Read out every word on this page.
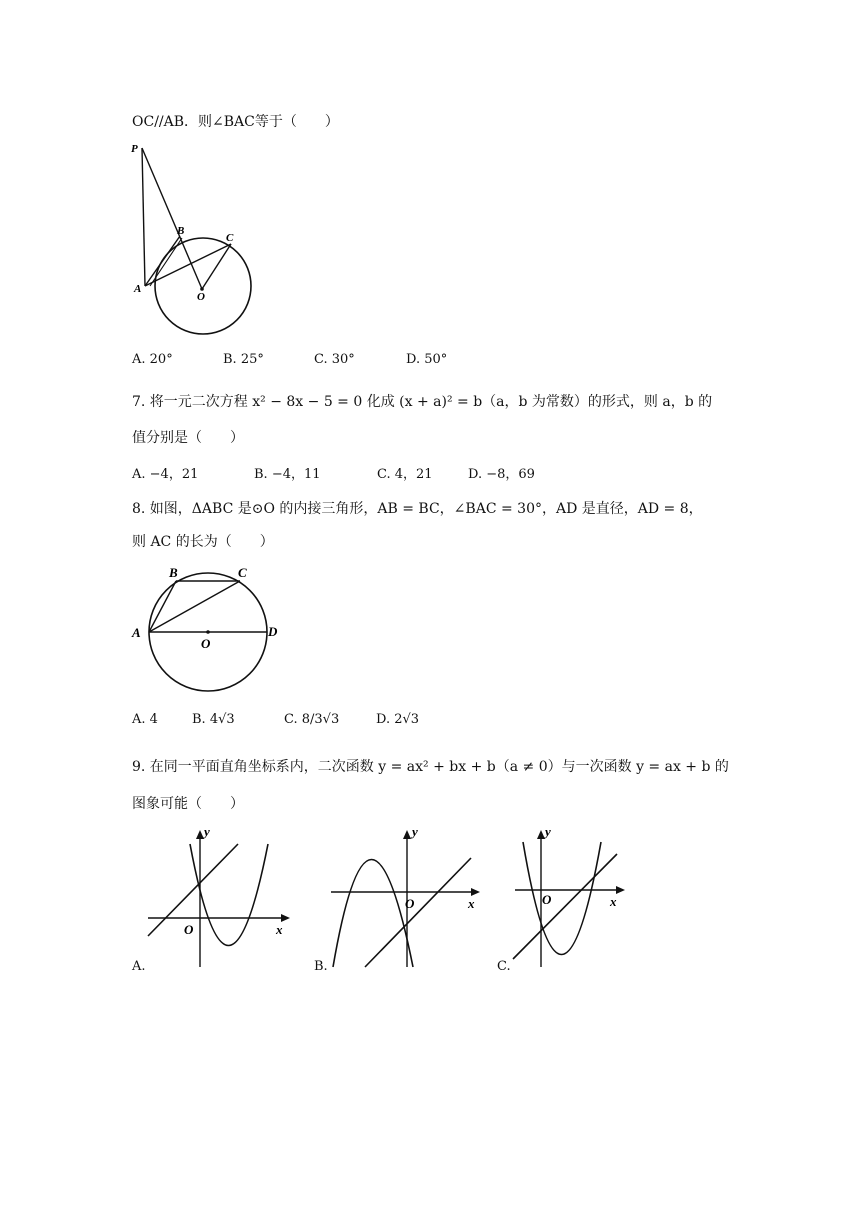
OC//AB．则∠BAC等于（　　）
P
A
B
C
O
A. 20°	B. 25°	C. 30°	D. 50°
7. 将一元二次方程 x² − 8x − 5 = 0 化成 (x + a)² = b（a，b 为常数）的形式，则 a，b 的
值分别是（　　）
A. −4，21	B. −4，11	C. 4，21	D. −8，69
8. 如图，ΔABC 是⊙O 的内接三角形，AB = BC，∠BAC = 30°，AD 是直径，AD = 8，
则 AC 的长为（　　）
A
B	C
D
O
A. 4	B. 4√3	C. 8/3√3	D. 2√3
9. 在同一平面直角坐标系内，二次函数 y = ax² + bx + b（a ≠ 0）与一次函数 y = ax + b 的
图象可能（　　）
y
x
O
A.
y
x
O
B.
y
x
O
C.
